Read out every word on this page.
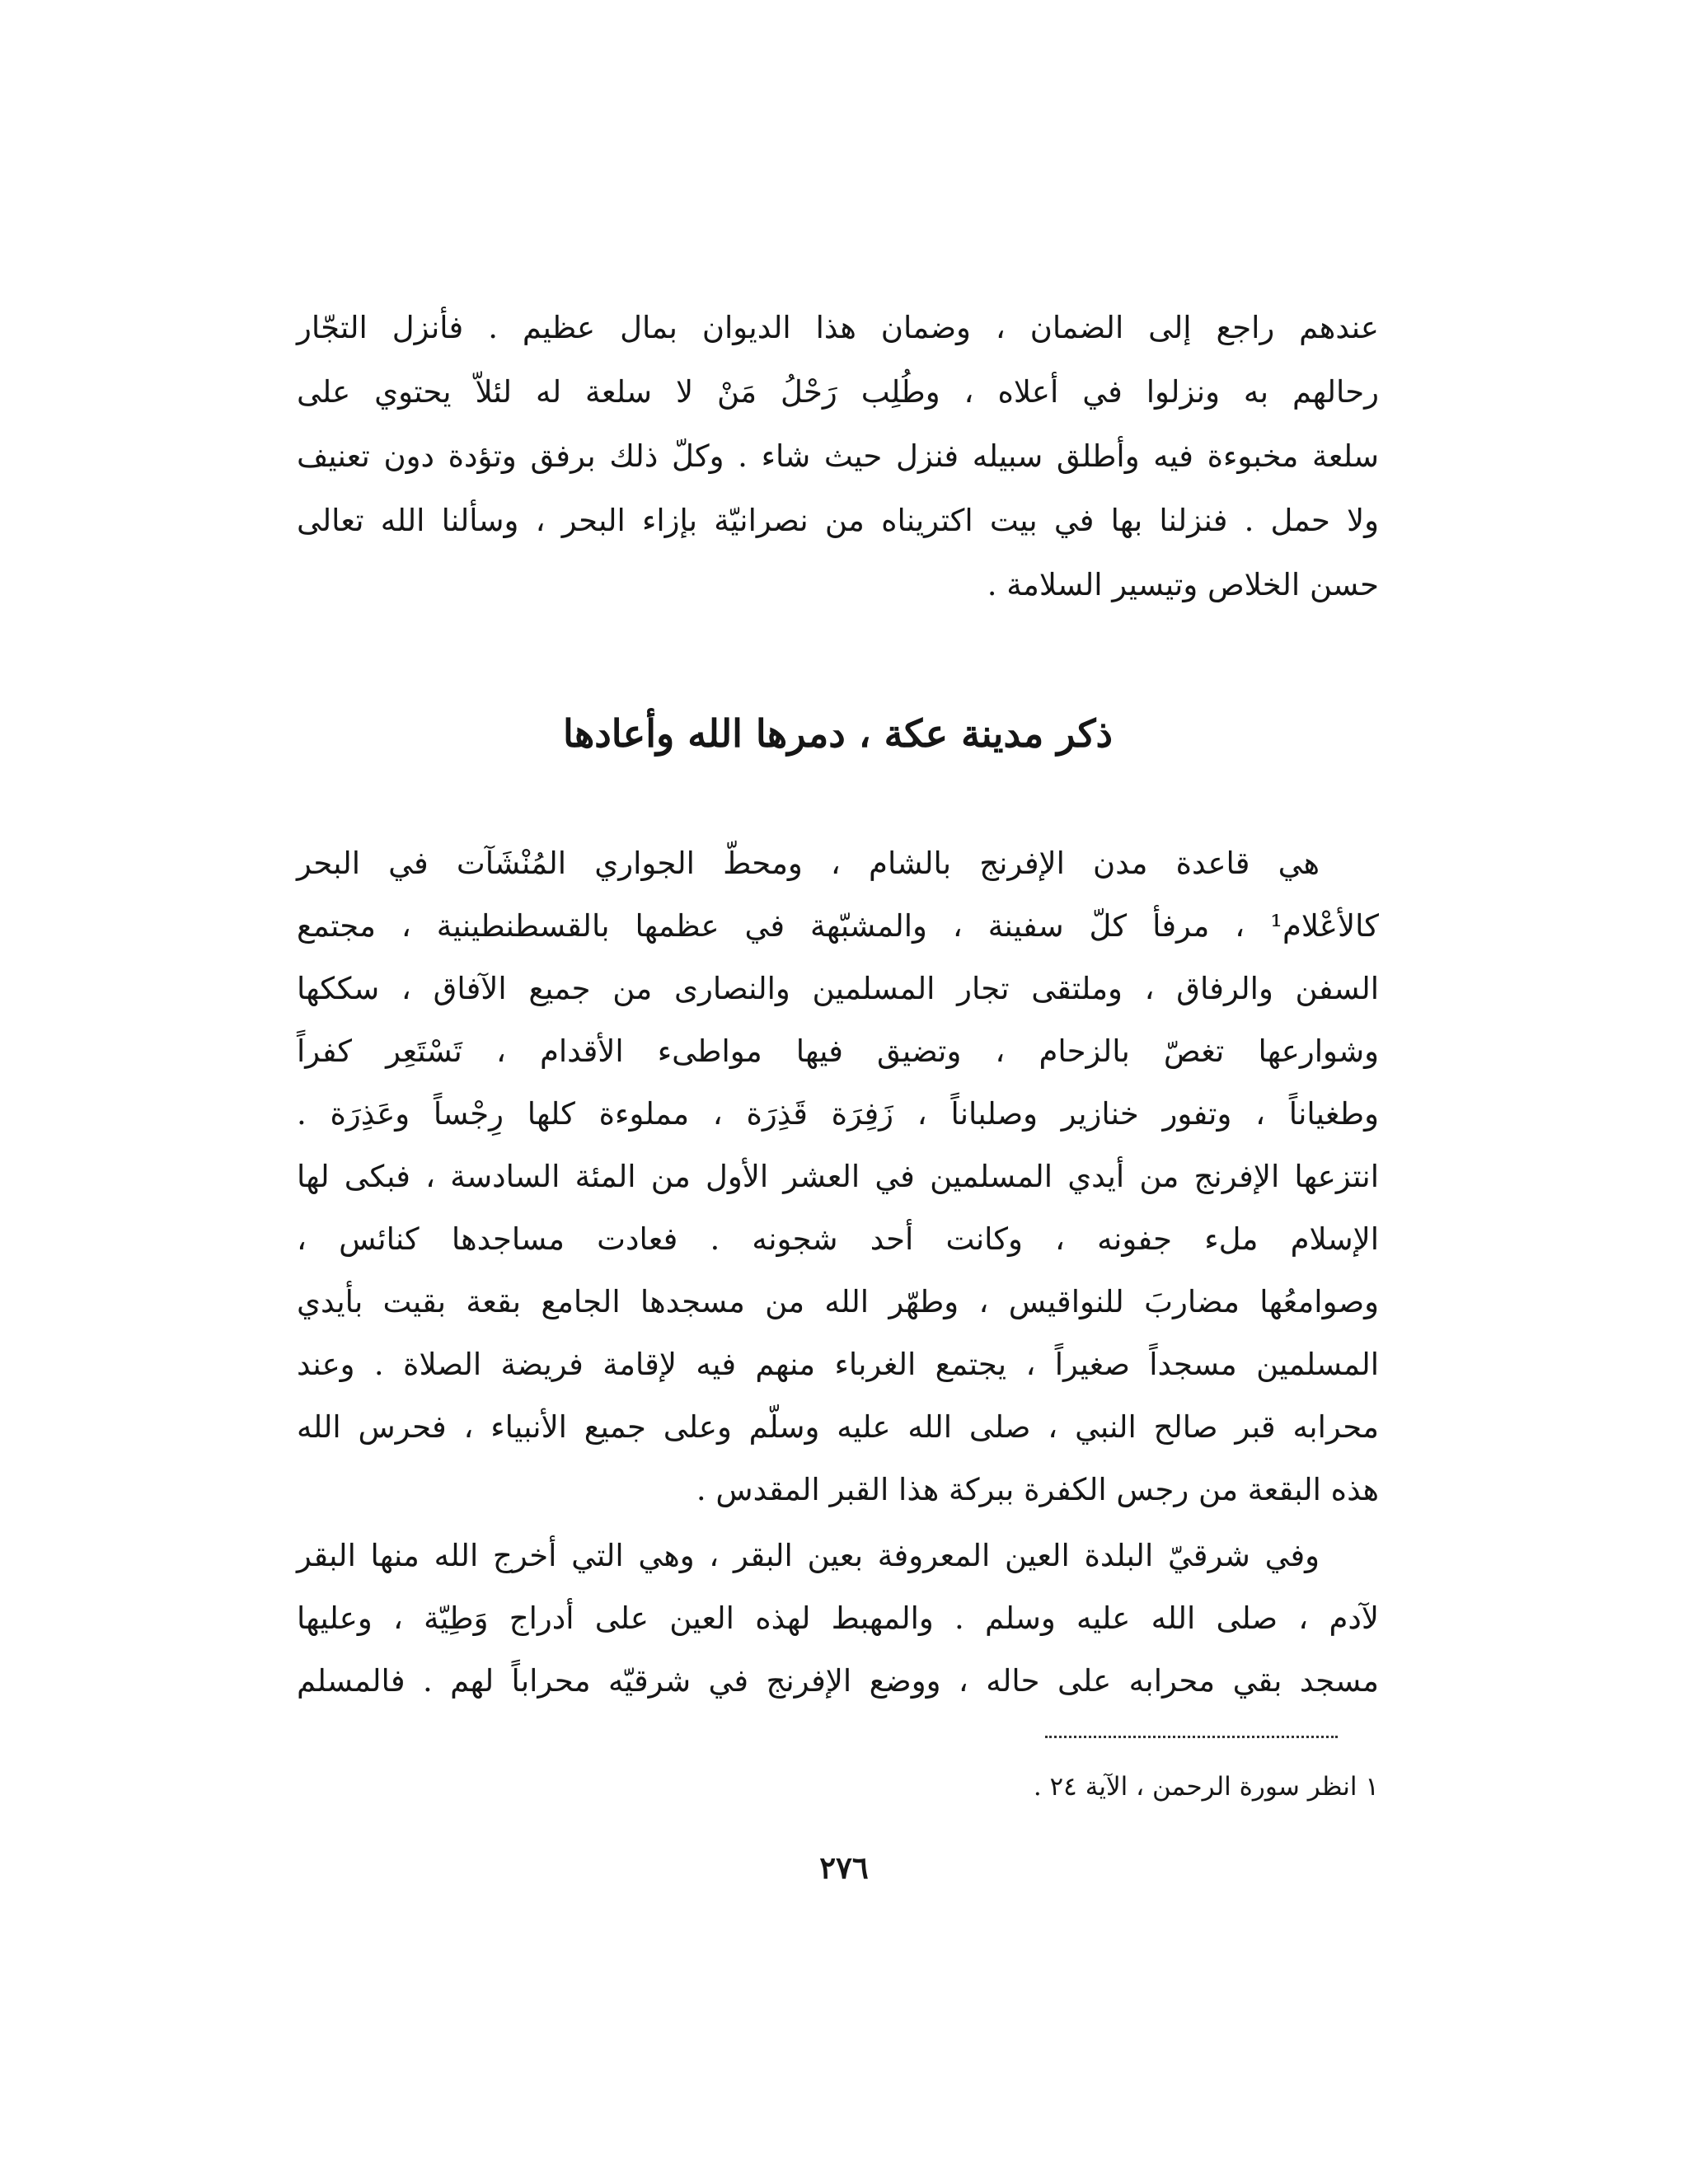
عندهم راجع إلى الضمان ، وضمان هذا الديوان بمال عظيم . فأنزل التجّار
رحالهم به ونزلوا في أعلاه ، وطُلِب رَحْلُ مَنْ لا سلعة له لئلاّ يحتوي على
سلعة مخبوءة فيه وأطلق سبيله فنزل حيث شاء . وكلّ ذلك برفق وتؤدة دون تعنيف
ولا حمل . فنزلنا بها في بيت اكتريناه من نصرانيّة بإزاء البحر ، وسألنا الله تعالى
حسن الخلاص وتيسير السلامة .
ذكر مدينة عكة ، دمرها الله وأعادها
هي قاعدة مدن الإفرنج بالشام ، ومحطّ الجواري المُنْشَآت في البحر
كالأعْلام¹ ، مرفأ كلّ سفينة ، والمشبّهة في عظمها بالقسطنطينية ، مجتمع
السفن والرفاق ، وملتقى تجار المسلمين والنصارى من جميع الآفاق ، سككها
وشوارعها تغصّ بالزحام ، وتضيق فيها مواطىء الأقدام ، تَسْتَعِر كفراً
وطغياناً ، وتفور خنازير وصلباناً ، زَفِرَة قَذِرَة ، مملوءة كلها رِجْساً وعَذِرَة .
انتزعها الإفرنج من أيدي المسلمين في العشر الأول من المئة السادسة ، فبكى لها
الإسلام ملء جفونه ، وكانت أحد شجونه . فعادت مساجدها كنائس ،
وصوامعُها مضاربَ للنواقيس ، وطهّر الله من مسجدها الجامع بقعة بقيت بأيدي
المسلمين مسجداً صغيراً ، يجتمع الغرباء منهم فيه لإقامة فريضة الصلاة . وعند
محرابه قبر صالح النبي ، صلى الله عليه وسلّم وعلى جميع الأنبياء ، فحرس الله
هذه البقعة من رجس الكفرة ببركة هذا القبر المقدس .
وفي شرقيّ البلدة العين المعروفة بعين البقر ، وهي التي أخرج الله منها البقر
لآدم ، صلى الله عليه وسلم . والمهبط لهذه العين على أدراج وَطِيّة ، وعليها
مسجد بقي محرابه على حاله ، ووضع الإفرنج في شرقيّه محراباً لهم . فالمسلم
١ انظر سورة الرحمن ، الآية ٢٤ .
٢٧٦
